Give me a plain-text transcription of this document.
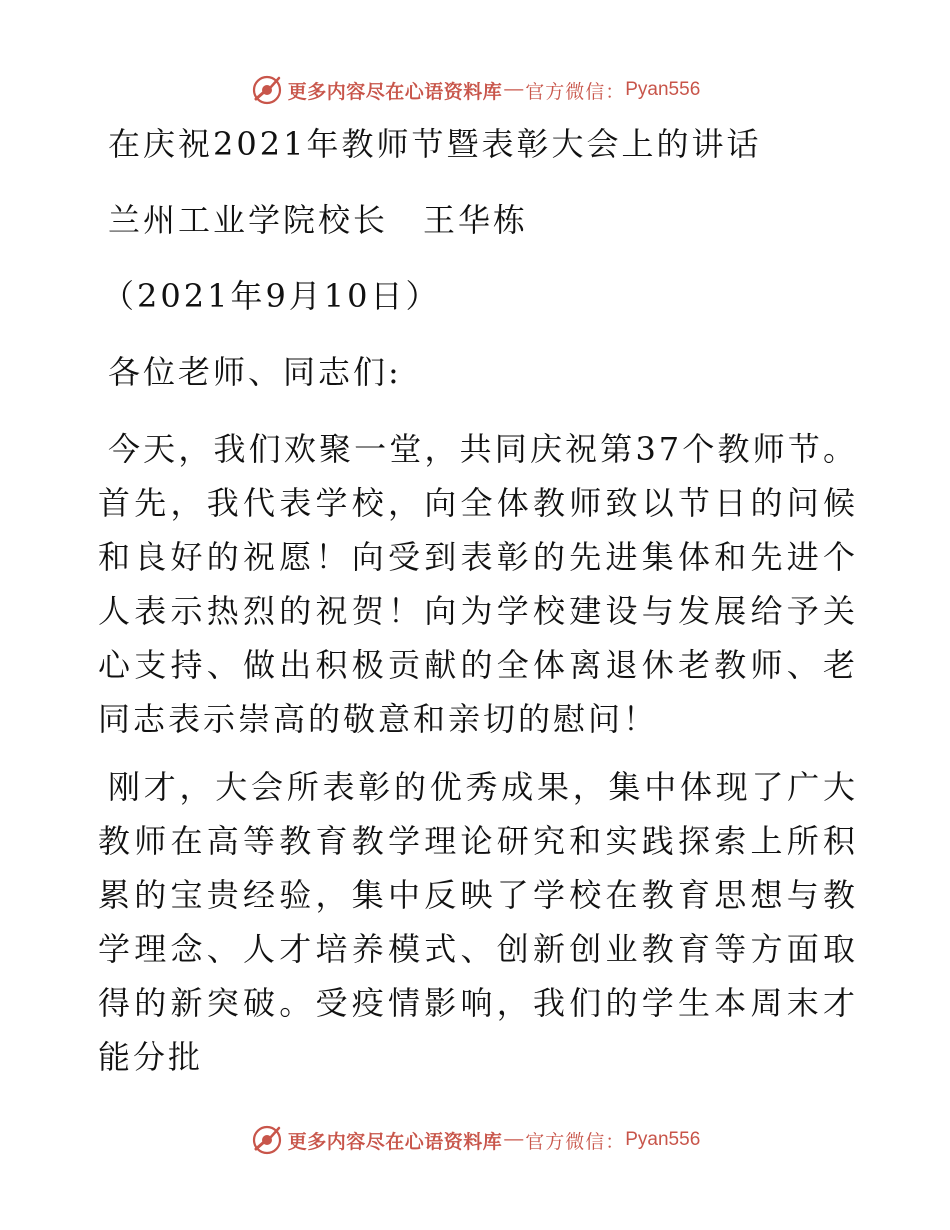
更多内容尽在心语资料库 — 官方微信： Pyan556
在庆祝2021年教师节暨表彰大会上的讲话
兰州工业学院校长　王华栋
（2021年9月10日）
各位老师、同志们:
今天，我们欢聚一堂，共同庆祝第37个教师节。首先，我代表学校，向全体教师致以节日的问候和良好的祝愿！向受到表彰的先进集体和先进个人表示热烈的祝贺！向为学校建设与发展给予关心支持、做出积极贡献的全体离退休老教师、老同志表示崇高的敬意和亲切的慰问！
刚才，大会所表彰的优秀成果，集中体现了广大教师在高等教育教学理论研究和实践探索上所积累的宝贵经验，集中反映了学校在教育思想与教学理念、人才培养模式、创新创业教育等方面取得的新突破。受疫情影响，我们的学生本周末才能分批
更多内容尽在心语资料库 — 官方微信： Pyan556
